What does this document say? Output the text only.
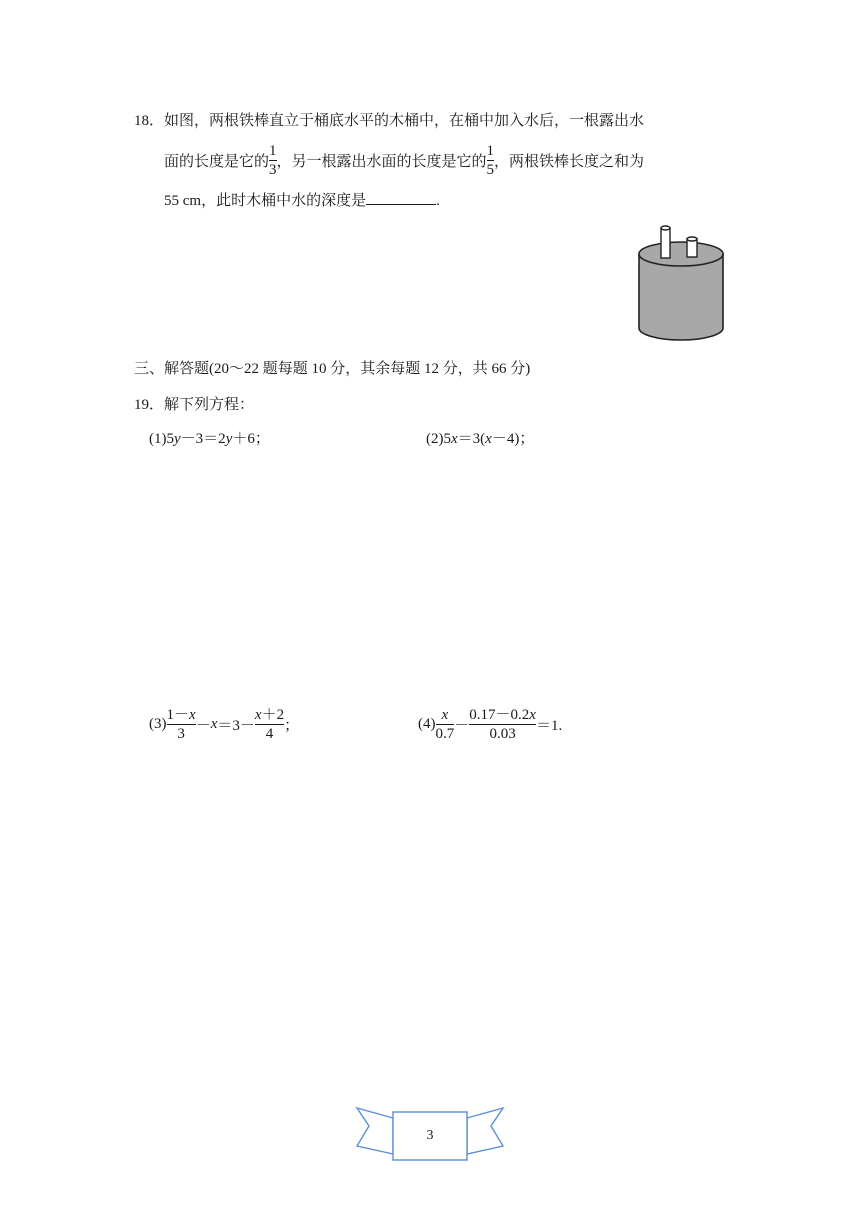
18．如图，两根铁棒直立于桶底水平的木桶中，在桶中加入水后，一根露出水
面的长度是它的 $\frac{1}{3}$ ，另一根露出水面的长度是它的 $\frac{1}{5}$ ，两根铁棒长度之和为
55 cm，此时木桶中水的深度是	.
三、解答题(20～22 题每题 10 分，其余每题 12 分，共 66 分)
19．解下列方程：
(1)5y－3＝2y＋6；	(2)5x＝3(x－4)；
$(3) \frac{1-x}{3} - x =3- \frac{x+2}{4}$ ；	$(4) \frac{x}{0.7} - \frac{0.17-0.2x}{0.03} =1$.
3
